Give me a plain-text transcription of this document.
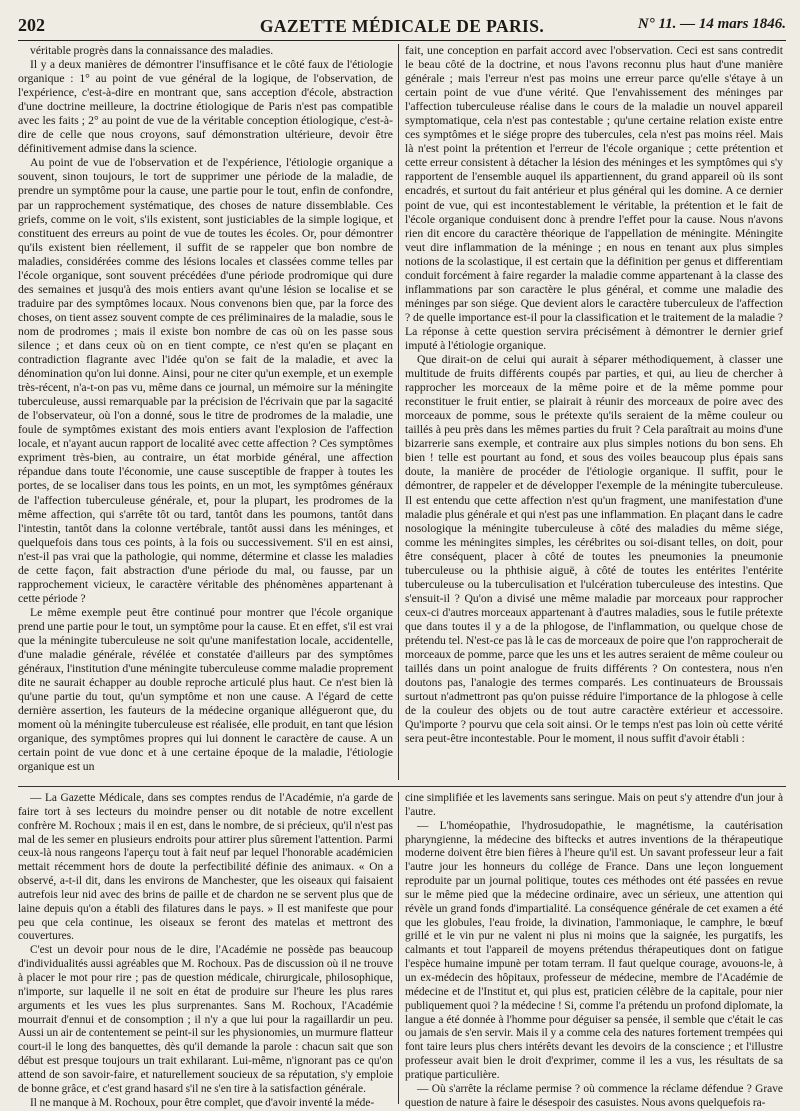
202	GAZETTE MÉDICALE DE PARIS.	N° 11. — 14 mars 1846.

véritable progrès dans la connaissance des maladies.

Il y a deux manières de démontrer l'insuffisance et le côté faux de l'étiologie organique : 1° au point de vue général de la logique, de l'observation, de l'expérience, c'est-à-dire en montrant que, sans acception d'école, abstraction d'une doctrine meilleure, la doctrine étiologique de Paris n'est pas compatible avec les faits ; 2° au point de vue de la véritable conception étiologique, c'est-à-dire de celle que nous croyons, sauf démonstration ultérieure, devoir être définitivement admise dans la science.

Au point de vue de l'observation et de l'expérience, l'étiologie organique a souvent, sinon toujours, le tort de supprimer une période de la maladie, de prendre un symptôme pour la cause, une partie pour le tout, enfin de confondre, par un rapprochement systématique, des choses de nature dissemblable. Ces griefs, comme on le voit, s'ils existent, sont justiciables de la simple logique, et constituent des erreurs au point de vue de toutes les écoles. Or, pour démontrer qu'ils existent bien réellement, il suffit de se rappeler que bon nombre de maladies, considérées comme des lésions locales et classées comme telles par l'école organique, sont souvent précédées d'une période prodromique qui dure des semaines et jusqu'à des mois entiers avant qu'une lésion se localise et se traduire par des symptômes locaux. Nous convenons bien que, par la force des choses, on tient assez souvent compte de ces préliminaires de la maladie, sous le nom de prodromes ; mais il existe bon nombre de cas où on les passe sous silence ; et dans ceux où on en tient compte, ce n'est qu'en se plaçant en contradiction flagrante avec l'idée qu'on se fait de la maladie, et avec la dénomination qu'on lui donne. Ainsi, pour ne citer qu'un exemple, et un exemple très-récent, n'a-t-on pas vu, même dans ce journal, un mémoire sur la méningite tuberculeuse, aussi remarquable par la précision de l'écrivain que par la sagacité de l'observateur, où l'on a donné, sous le titre de prodromes de la maladie, une foule de symptômes existant des mois entiers avant l'explosion de l'affection locale, et n'ayant aucun rapport de localité avec cette affection ? Ces symptômes expriment très-bien, au contraire, un état morbide général, une affection répandue dans toute l'économie, une cause susceptible de frapper à toutes les portes, de se localiser dans tous les points, en un mot, les symptômes généraux de l'affection tuberculeuse générale, et, pour la plupart, les prodromes de la même affection, qui s'arrête tôt ou tard, tantôt dans les poumons, tantôt dans l'intestin, tantôt dans la colonne vertébrale, tantôt aussi dans les méninges, et quelquefois dans tous ces points, à la fois ou successivement. S'il en est ainsi, n'est-il pas vrai que la pathologie, qui nomme, détermine et classe les maladies de cette façon, fait abstraction d'une période du mal, ou fausse, par un rapprochement vicieux, le caractère véritable des phénomènes appartenant à cette période ?

Le même exemple peut être continué pour montrer que l'école organique prend une partie pour le tout, un symptôme pour la cause. Et en effet, s'il est vrai que la méningite tuberculeuse ne soit qu'une manifestation locale, accidentelle, d'une maladie générale, révélée et constatée d'ailleurs par des symptômes généraux, l'institution d'une méningite tuberculeuse comme maladie proprement dite ne saurait échapper au double reproche articulé plus haut. Ce n'est bien là qu'une partie du tout, qu'un symptôme et non une cause. A l'égard de cette dernière assertion, les fauteurs de la médecine organique allégueront que, du moment où la méningite tuberculeuse est réalisée, elle produit, en tant que lésion organique, des symptômes propres qui lui donnent le caractère de cause. A un certain point de vue donc et à une certaine époque de la maladie, l'étiologie organique est un

fait, une conception en parfait accord avec l'observation. Ceci est sans contredit le beau côté de la doctrine, et nous l'avons reconnu plus haut d'une manière générale ; mais l'erreur n'est pas moins une erreur parce qu'elle s'étaye à un certain point de vue d'une vérité. Que l'envahissement des méninges par l'affection tuberculeuse réalise dans le cours de la maladie un nouvel appareil symptomatique, cela n'est pas contestable ; qu'une certaine relation existe entre ces symptômes et le siége propre des tubercules, cela n'est pas moins réel. Mais là n'est point la prétention et l'erreur de l'école organique ; cette prétention et cette erreur consistent à détacher la lésion des méninges et les symptômes qui s'y rapportent de l'ensemble auquel ils appartiennent, du grand appareil où ils sont encadrés, et surtout du fait antérieur et plus général qui les domine. A ce dernier point de vue, qui est incontestablement le véritable, la prétention et le fait de l'école organique conduisent donc à prendre l'effet pour la cause. Nous n'avons rien dit encore du caractère théorique de l'appellation de méningite. Méningite veut dire inflammation de la méninge ; en nous en tenant aux plus simples notions de la scolastique, il est certain que la définition per genus et differentiam conduit forcément à faire regarder la maladie comme appartenant à la classe des inflammations par son caractère le plus général, et comme une maladie des méninges par son siége. Que devient alors le caractère tuberculeux de l'affection ? de quelle importance est-il pour la classification et le traitement de la maladie ? La réponse à cette question servira précisément à démontrer le dernier grief imputé à l'étiologie organique.

Que dirait-on de celui qui aurait à séparer méthodiquement, à classer une multitude de fruits différents coupés par parties, et qui, au lieu de chercher à rapprocher les morceaux de la même poire et de la même pomme pour reconstituer le fruit entier, se plairait à réunir des morceaux de poire avec des morceaux de pomme, sous le prétexte qu'ils seraient de la même couleur ou taillés à peu près dans les mêmes parties du fruit ? Cela paraîtrait au moins d'une bizarrerie sans exemple, et contraire aux plus simples notions du bon sens. Eh bien ! telle est pourtant au fond, et sous des voiles beaucoup plus épais sans doute, la manière de procéder de l'étiologie organique. Il suffit, pour le démontrer, de rappeler et de développer l'exemple de la méningite tuberculeuse. Il est entendu que cette affection n'est qu'un fragment, une manifestation d'une maladie plus générale et qui n'est pas une inflammation. En plaçant dans le cadre nosologique la méningite tuberculeuse à côté des maladies du même siége, comme les méningites simples, les cérébrites ou soi-disant telles, on doit, pour être conséquent, placer à côté de toutes les pneumonies la pneumonie tuberculeuse ou la phthisie aiguë, à côté de toutes les entérites l'entérite tuberculeuse ou la tuberculisation et l'ulcération tuberculeuse des intestins. Que s'ensuit-il ? Qu'on a divisé une même maladie par morceaux pour rapprocher ceux-ci d'autres morceaux appartenant à d'autres maladies, sous le futile prétexte que dans toutes il y a de la phlogose, de l'inflammation, ou quelque chose de prétendu tel. N'est-ce pas là le cas de morceaux de poire que l'on rapprocherait de morceaux de pomme, parce que les uns et les autres seraient de même couleur ou taillés dans un point analogue de fruits différents ? On contestera, nous n'en doutons pas, l'analogie des termes comparés. Les continuateurs de Broussais surtout n'admettront pas qu'on puisse réduire l'importance de la phlogose à celle de la couleur des objets ou de tout autre caractère extérieur et accessoire. Qu'importe ? pourvu que cela soit ainsi. Or le temps n'est pas loin où cette vérité sera peut-être incontestable. Pour le moment, il nous suffit d'avoir établi :

— La Gazette Médicale, dans ses comptes rendus de l'Académie, n'a garde de faire tort à ses lecteurs du moindre penser ou dit notable de notre excellent confrère M. Rochoux ; mais il en est, dans le nombre, de si précieux, qu'il n'est pas mal de les semer en plusieurs endroits pour attirer plus sûrement l'attention. Parmi ceux-là nous rangeons l'aperçu tout à fait neuf par lequel l'honorable académicien mettait récemment hors de doute la perfectibilité définie des animaux. « On a observé, a-t-il dit, dans les environs de Manchester, que les oiseaux qui faisaient autrefois leur nid avec des brins de paille et de chardon ne se servent plus que de laine depuis qu'on a établi des filatures dans le pays. » Il est manifeste que pour peu que cela continue, les oiseaux se feront des matelas et mettront des couvertures.

C'est un devoir pour nous de le dire, l'Académie ne possède pas beaucoup d'individualités aussi agréables que M. Rochoux. Pas de discussion où il ne trouve à placer le mot pour rire ; pas de question médicale, chirurgicale, philosophique, n'importe, sur laquelle il ne soit en état de produire sur l'heure les plus rares arguments et les vues les plus surprenantes. Sans M. Rochoux, l'Académie mourrait d'ennui et de consomption ; il n'y a que lui pour la ragaillardir un peu. Aussi un air de contentement se peint-il sur les physionomies, un murmure flatteur court-il le long des banquettes, dès qu'il demande la parole : chacun sait que son début est presque toujours un trait exhilarant. Lui-même, n'ignorant pas ce qu'on attend de son savoir-faire, et naturellement soucieux de sa réputation, s'y emploie de bonne grâce, et c'est grand hasard s'il ne s'en tire à la satisfaction générale.

Il ne manque à M. Rochoux, pour être complet, que d'avoir inventé la méde-

cine simplifiée et les lavements sans seringue. Mais on peut s'y attendre d'un jour à l'autre.

— L'homéopathie, l'hydrosudopathie, le magnétisme, la cautérisation pharyngienne, la médecine des biftecks et autres inventions de la thérapeutique moderne doivent être bien fières à l'heure qu'il est. Un savant professeur leur a fait l'autre jour les honneurs du collége de France. Dans une leçon longuement reproduite par un journal politique, toutes ces méthodes ont été passées en revue sur le même pied que la médecine ordinaire, avec un sérieux, une attention qui révèle un grand fonds d'impartialité. La conséquence générale de cet examen a été que les globules, l'eau froide, la divination, l'ammoniaque, le camphre, le bœuf grillé et le vin pur ne valent ni plus ni moins que la saignée, les purgatifs, les calmants et tout l'appareil de moyens prétendus thérapeutiques dont on fatigue l'espèce humaine impunè per totam terram. Il faut quelque courage, avouons-le, à un ex-médecin des hôpitaux, professeur de médecine, membre de l'Académie de médecine et de l'Institut et, qui plus est, praticien célèbre de la capitale, pour nier publiquement quoi ? la médecine ! Si, comme l'a prétendu un profond diplomate, la langue a été donnée à l'homme pour déguiser sa pensée, il semble que c'était le cas ou jamais de s'en servir. Mais il y a comme cela des natures fortement trempées qui font taire leurs plus chers intérêts devant les devoirs de la conscience ; et l'illustre professeur avait bien le droit d'exprimer, comme il les a vus, les résultats de sa pratique particulière.

— Où s'arrête la réclame permise ? où commence la réclame défendue ? Grave question de nature à faire le désespoir des casuistes. Nous avons quelquefois ra-
